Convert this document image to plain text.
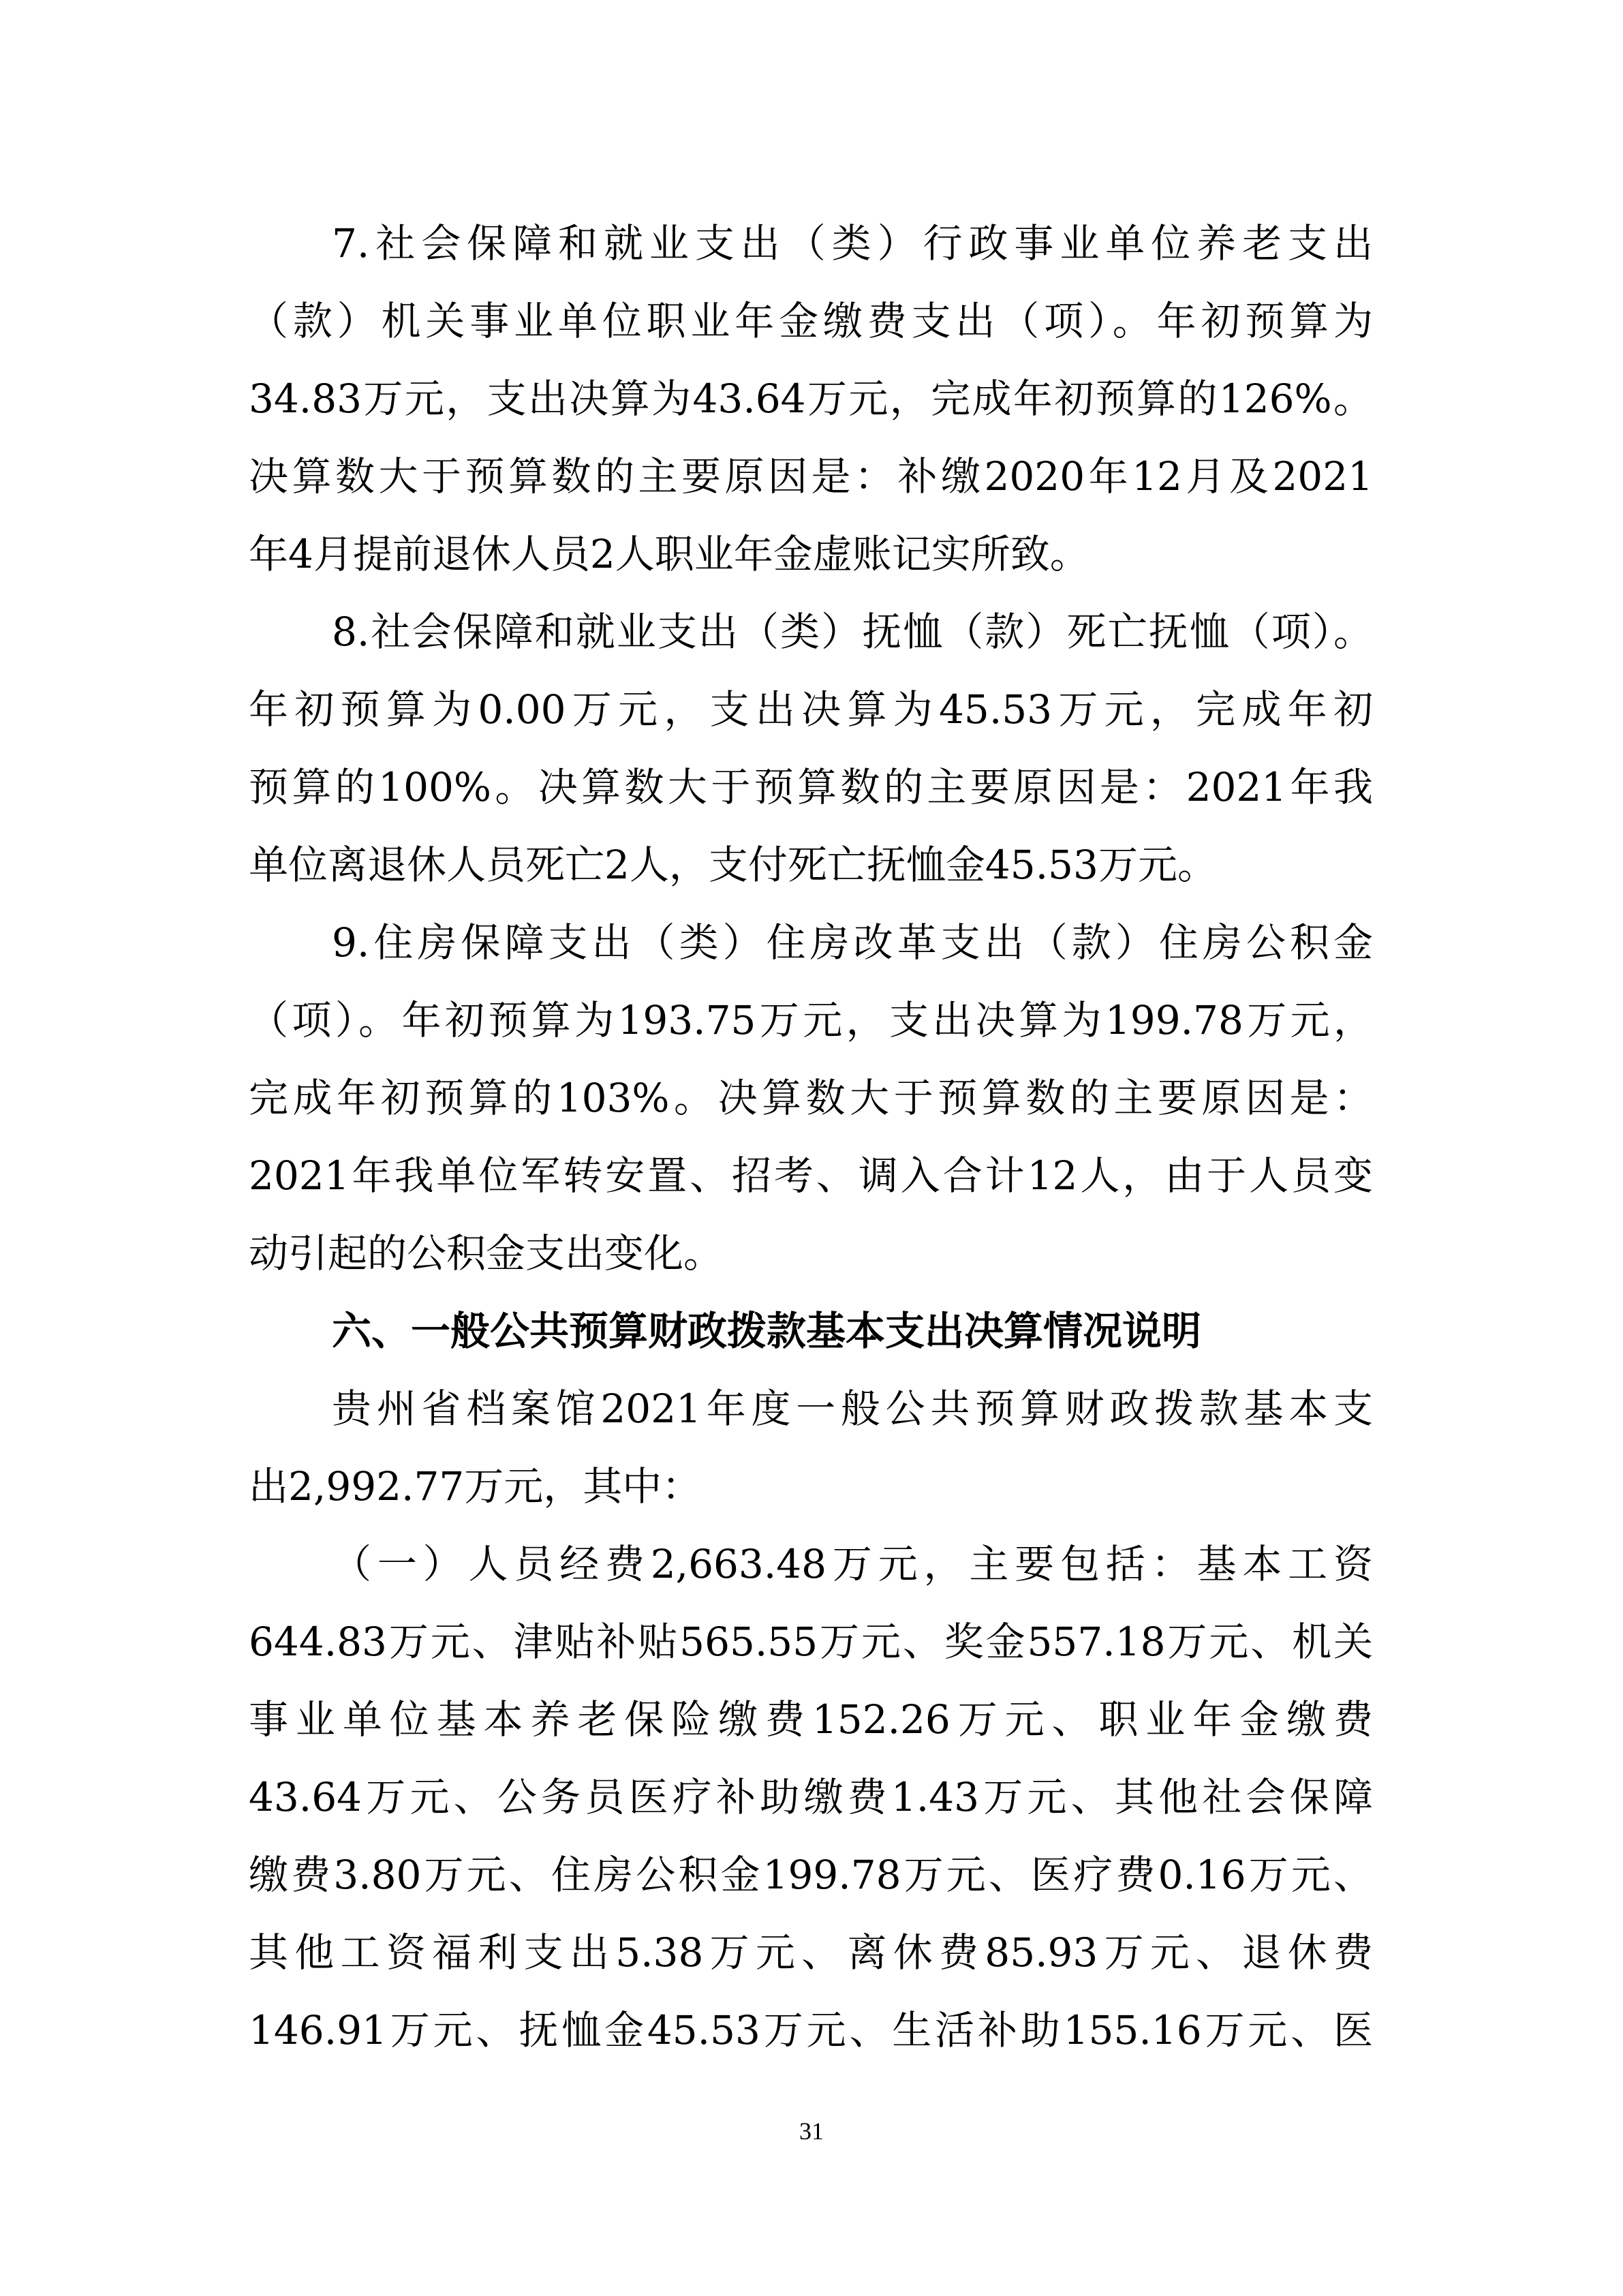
7.社会保障和就业支出（类）行政事业单位养老支出
（款）机关事业单位职业年金缴费支出（项）。年初预算为
34.83万元，支出决算为43.64万元，完成年初预算的126%。
决算数大于预算数的主要原因是：补缴2020年12月及2021
年4月提前退休人员2人职业年金虚账记实所致。
8.社会保障和就业支出（类）抚恤（款）死亡抚恤（项）。
年初预算为0.00万元，支出决算为45.53万元，完成年初
预算的100%。决算数大于预算数的主要原因是：2021年我
单位离退休人员死亡2人，支付死亡抚恤金45.53万元。
9.住房保障支出（类）住房改革支出（款）住房公积金
（项）。年初预算为193.75万元，支出决算为199.78万元，
完成年初预算的103%。决算数大于预算数的主要原因是：
2021年我单位军转安置、招考、调入合计12人，由于人员变
动引起的公积金支出变化。
六、一般公共预算财政拨款基本支出决算情况说明
贵州省档案馆2021年度一般公共预算财政拨款基本支
出2,992.77万元，其中：
（一）人员经费2,663.48万元，主要包括：基本工资
644.83万元、津贴补贴565.55万元、奖金557.18万元、机关
事业单位基本养老保险缴费152.26万元、职业年金缴费
43.64万元、公务员医疗补助缴费1.43万元、其他社会保障
缴费3.80万元、住房公积金199.78万元、医疗费0.16万元、
其他工资福利支出5.38万元、离休费85.93万元、退休费
146.91万元、抚恤金45.53万元、生活补助155.16万元、医
31
